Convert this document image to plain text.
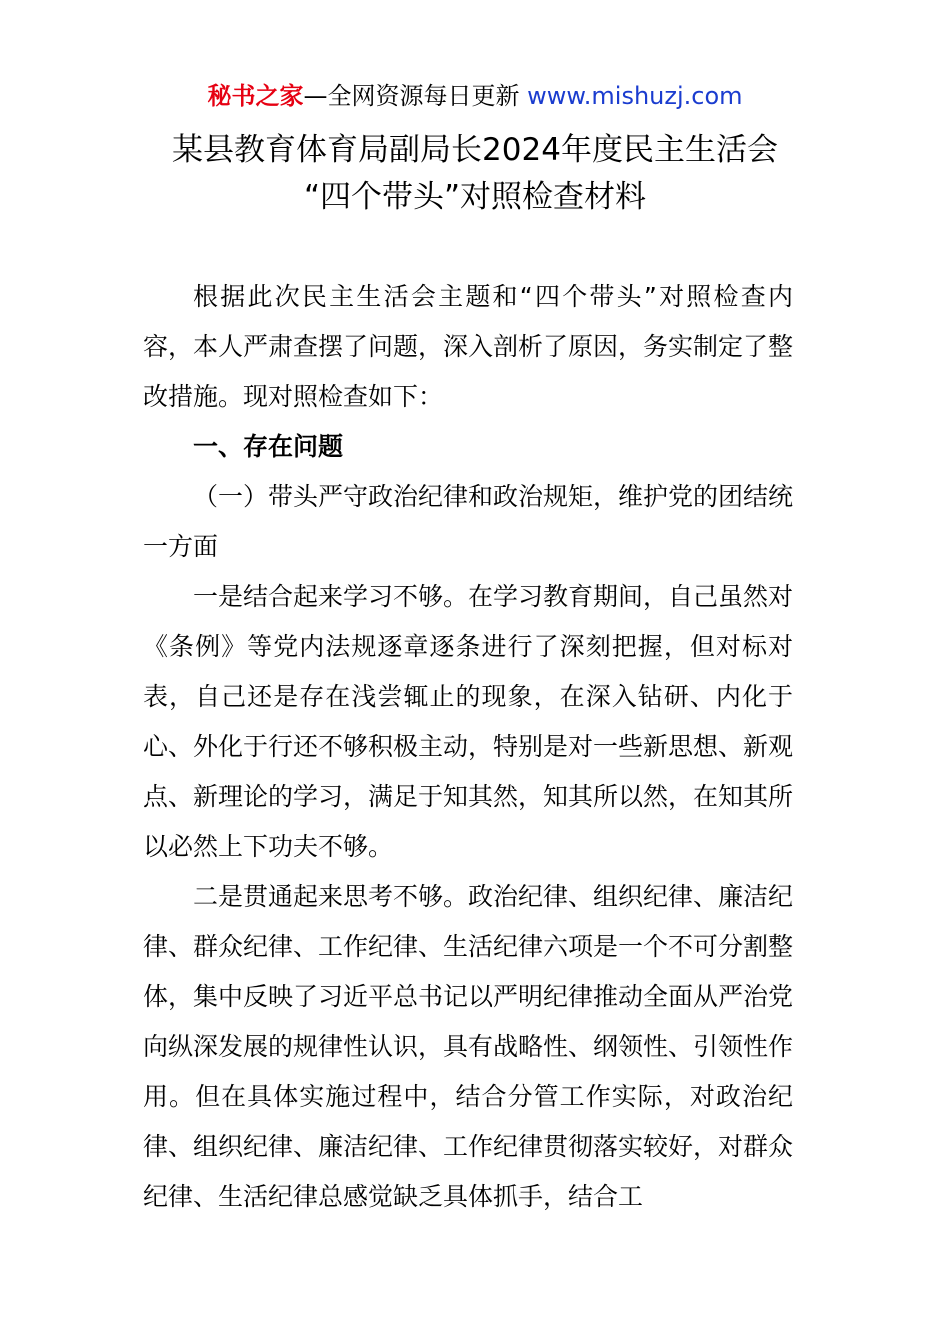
秘书之家—全网资源每日更新 www.mishuzj.com
某县教育体育局副局长2024年度民主生活会
“四个带头”对照检查材料

根据此次民主生活会主题和“四个带头”对照检查内容，本人严肃查摆了问题，深入剖析了原因，务实制定了整改措施。现对照检查如下：

一、存在问题

（一）带头严守政治纪律和政治规矩，维护党的团结统一方面

一是结合起来学习不够。在学习教育期间，自己虽然对《条例》等党内法规逐章逐条进行了深刻把握，但对标对表，自己还是存在浅尝辄止的现象，在深入钻研、内化于心、外化于行还不够积极主动，特别是对一些新思想、新观点、新理论的学习，满足于知其然，知其所以然，在知其所以必然上下功夫不够。

二是贯通起来思考不够。政治纪律、组织纪律、廉洁纪律、群众纪律、工作纪律、生活纪律六项是一个不可分割整体，集中反映了习近平总书记以严明纪律推动全面从严治党向纵深发展的规律性认识，具有战略性、纲领性、引领性作用。但在具体实施过程中，结合分管工作实际，对政治纪律、组织纪律、廉洁纪律、工作纪律贯彻落实较好，对群众纪律、生活纪律总感觉缺乏具体抓手，结合工
